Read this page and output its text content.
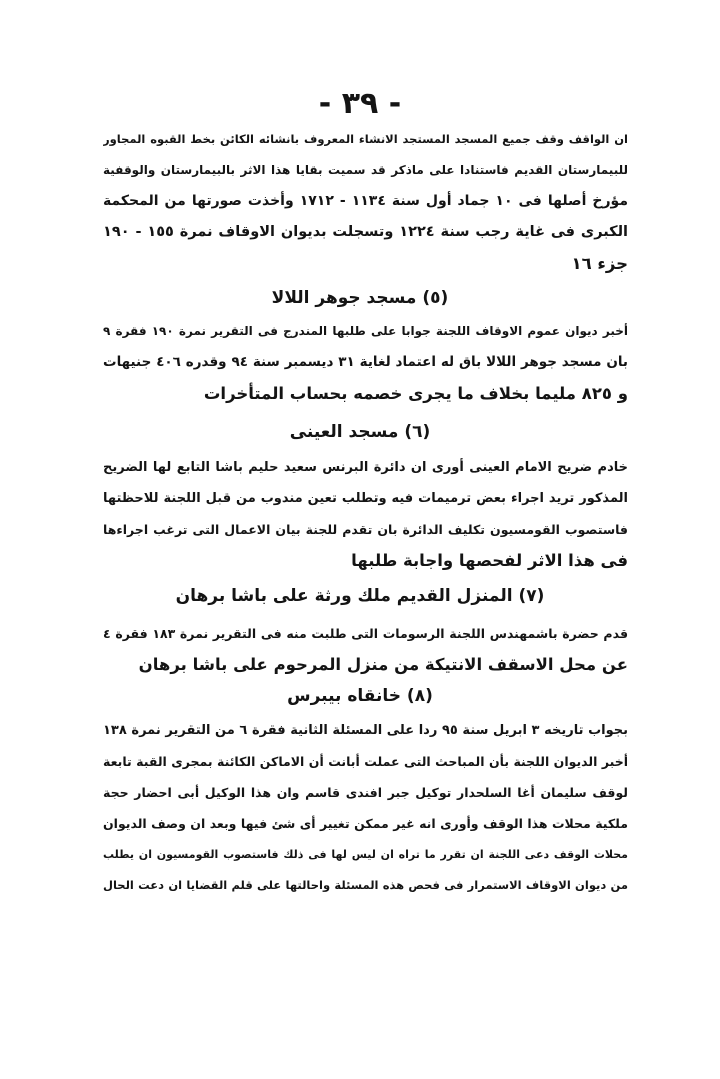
- ٣٩ -
ان الواقف وقف جميع المسجد المستجد الانشاء المعروف بانشائه الكائن بخط القبوه المجاور
للبيمارستان القديم فاستنادا على ماذكر قد سميت بقايا هذا الاثر بالبيمارستان والوقفية
مؤرخ أصلها فى ١٠ جماد أول سنة ١١٣٤ - ١٧١٢ وأخذت صورتها من المحكمة
الكبرى فى غاية رجب سنة ١٢٢٤ وتسجلت بديوان الاوقاف نمرة ١٥٥ - ١٩٠
جزء ١٦
(٥) مسجد جوهر اللالا
أخبر ديوان عموم الاوقاف اللجنة جوابا على طلبها المندرج فى التقرير نمرة ١٩٠ فقرة ٩
بان مسجد جوهر اللالا باق له اعتماد لغاية ٣١ ديسمبر سنة ٩٤ وقدره ٤٠٦ جنيهات
و ٨٢٥ مليما بخلاف ما يجرى خصمه بحساب المتأخرات
(٦) مسجد العينى
خادم ضريح الامام العينى أورى ان دائرة البرنس سعيد حليم باشا التابع لها الضريح
المذكور تريد اجراء بعض ترميمات فيه وتطلب تعين مندوب من قبل اللجنة للاحظتها
فاستصوب القومسيون تكليف الدائرة بان تقدم للجنة بيان الاعمال التى ترغب اجراءها
فى هذا الاثر لفحصها واجابة طلبها
(٧) المنزل القديم ملك ورثة على باشا برهان
قدم حضرة باشمهندس اللجنة الرسومات التى طلبت منه فى التقرير نمرة ١٨٣ فقرة ٤
عن محل الاسقف الانتيكة من منزل المرحوم على باشا برهان
(٨) خانقاه بيبرس
بجواب تاريخه ٣ ابريل سنة ٩٥ ردا على المسئلة الثانية فقرة ٦ من التقرير نمرة ١٣٨
أخبر الديوان اللجنة بأن المباحث التى عملت أبانت أن الاماكن الكائنة بمجرى القبة تابعة
لوقف سليمان أغا السلحدار توكيل جبر افندى قاسم وان هذا الوكيل أبى احضار حجة
ملكية محلات هذا الوقف وأورى انه غير ممكن تغيير أى شئ فيها وبعد ان وصف الديوان
محلات الوقف دعى اللجنة ان تقرر ما تراه ان ليس لها فى ذلك فاستصوب القومسيون ان يطلب
من ديوان الاوقاف الاستمرار فى فحص هذه المسئلة واحالتها على قلم القضايا ان دعت الحال
